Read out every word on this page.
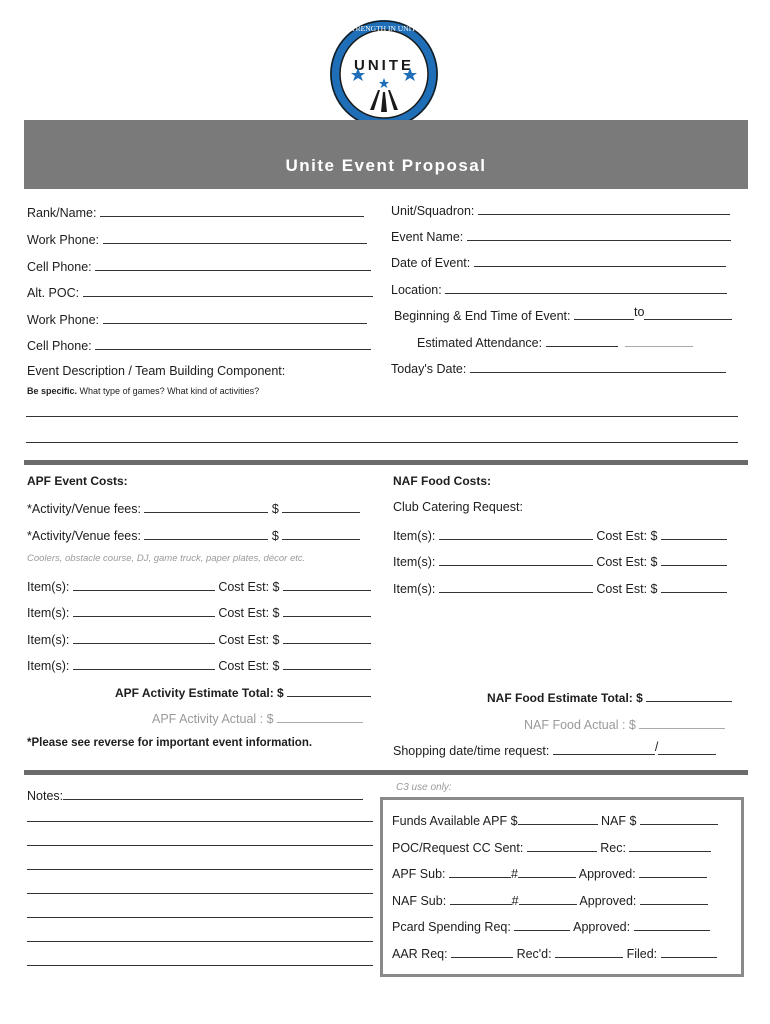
UNITE
STRENGTH IN UNITY
Unite Event Proposal
Rank/Name:
Work Phone:
Cell Phone:
Alt. POC:
Work Phone:
Cell Phone:
Unit/Squadron:
Event Name:
Date of Event:
Location:
Beginning & End Time of Event:	to
Estimated Attendance:
Today's Date:
Event Description / Team Building Component:
Be specific. What type of games? What kind of activities?
APF Event Costs:
*Activity/Venue fees:	$
*Activity/Venue fees:	$
Coolers, obstacle course, DJ, game truck, paper plates, décor etc.
Item(s):	Cost Est: $
Item(s):	Cost Est: $
Item(s):	Cost Est: $
Item(s):	Cost Est: $
APF Activity Estimate Total: $
APF Activity Actual : $
*Please see reverse for important event information.
NAF Food Costs:
Club Catering Request:
Item(s):	Cost Est: $
Item(s):	Cost Est: $
Item(s):	Cost Est: $
NAF Food Estimate Total: $
NAF Food Actual : $
Shopping date/time request:	/
Notes:
C3 use only:
Funds Available APF $	NAF $
POC/Request CC Sent:	Rec:
APF Sub:	#	Approved:
NAF Sub:	#	Approved:
Pcard Spending Req:	Approved:
AAR Req:	Rec'd:	Filed:
